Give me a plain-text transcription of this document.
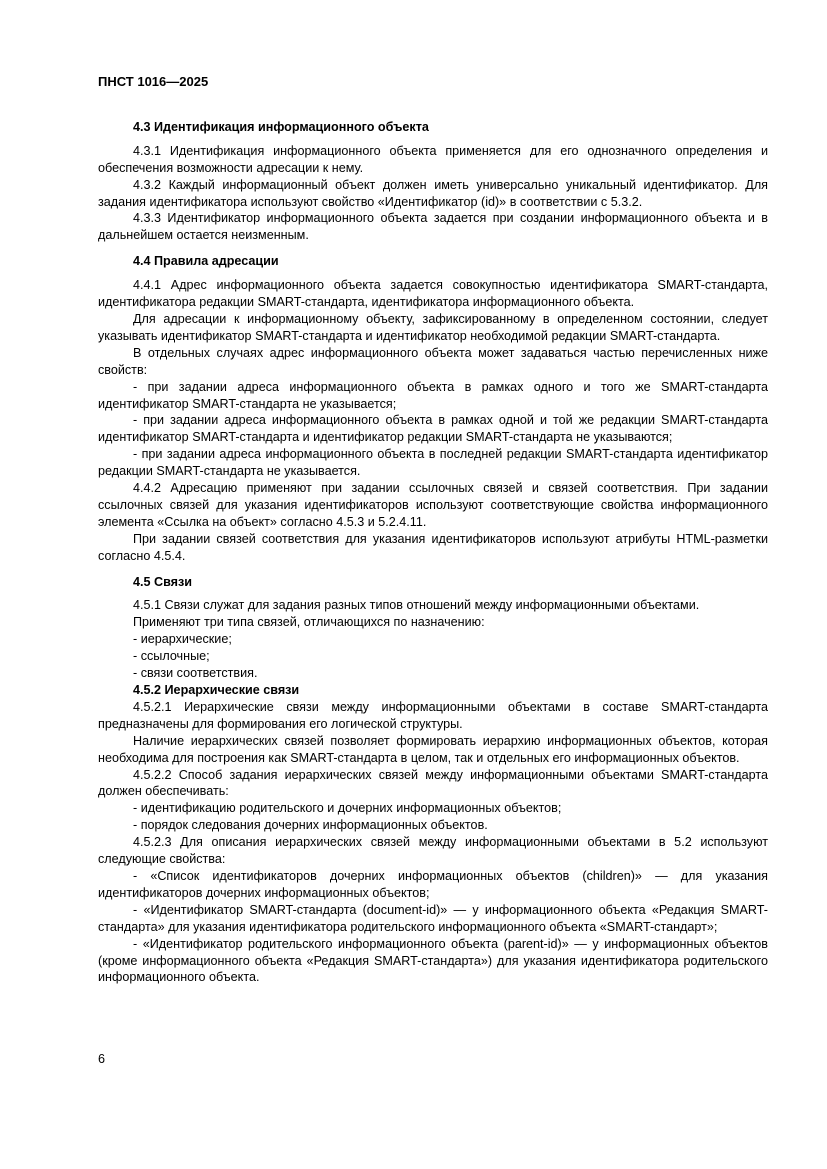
ПНСТ 1016—2025
4.3 Идентификация информационного объекта

4.3.1 Идентификация информационного объекта применяется для его однозначного определения и обеспечения возможности адресации к нему.

4.3.2 Каждый информационный объект должен иметь универсально уникальный идентификатор. Для задания идентификатора используют свойство «Идентификатор (id)» в соответствии с 5.3.2.

4.3.3 Идентификатор информационного объекта задается при создании информационного объекта и в дальнейшем остается неизменным.

4.4 Правила адресации

4.4.1 Адрес информационного объекта задается совокупностью идентификатора SMART-стандарта, идентификатора редакции SMART-стандарта, идентификатора информационного объекта.

Для адресации к информационному объекту, зафиксированному в определенном состоянии, следует указывать идентификатор SMART-стандарта и идентификатор необходимой редакции SMART-стандарта.

В отдельных случаях адрес информационного объекта может задаваться частью перечисленных ниже свойств:

- при задании адреса информационного объекта в рамках одного и того же SMART-стандарта идентификатор SMART-стандарта не указывается;

- при задании адреса информационного объекта в рамках одной и той же редакции SMART-стандарта идентификатор SMART-стандарта и идентификатор редакции SMART-стандарта не указываются;

- при задании адреса информационного объекта в последней редакции SMART-стандарта идентификатор редакции SMART-стандарта не указывается.

4.4.2 Адресацию применяют при задании ссылочных связей и связей соответствия. При задании ссылочных связей для указания идентификаторов используют соответствующие свойства информационного элемента «Ссылка на объект» согласно 4.5.3 и 5.2.4.11.

При задании связей соответствия для указания идентификаторов используют атрибуты HTML-разметки согласно 4.5.4.

4.5 Связи

4.5.1 Связи служат для задания разных типов отношений между информационными объектами.

Применяют три типа связей, отличающихся по назначению:

- иерархические;
- ссылочные;
- связи соответствия.
4.5.2 Иерархические связи

4.5.2.1 Иерархические связи между информационными объектами в составе SMART-стандарта предназначены для формирования его логической структуры.

Наличие иерархических связей позволяет формировать иерархию информационных объектов, которая необходима для построения как SMART-стандарта в целом, так и отдельных его информационных объектов.

4.5.2.2 Способ задания иерархических связей между информационными объектами SMART-стандарта должен обеспечивать:

- идентификацию родительского и дочерних информационных объектов;
- порядок следования дочерних информационных объектов.

4.5.2.3 Для описания иерархических связей между информационными объектами в 5.2 используют следующие свойства:

- «Список идентификаторов дочерних информационных объектов (children)» — для указания идентификаторов дочерних информационных объектов;

- «Идентификатор SMART-стандарта (document-id)» — у информационного объекта «Редакция SMART-стандарта» для указания идентификатора родительского информационного объекта «SMART-стандарт»;

- «Идентификатор родительского информационного объекта (parent-id)» — у информационных объектов (кроме информационного объекта «Редакция SMART-стандарта») для указания идентификатора родительского информационного объекта.

6
